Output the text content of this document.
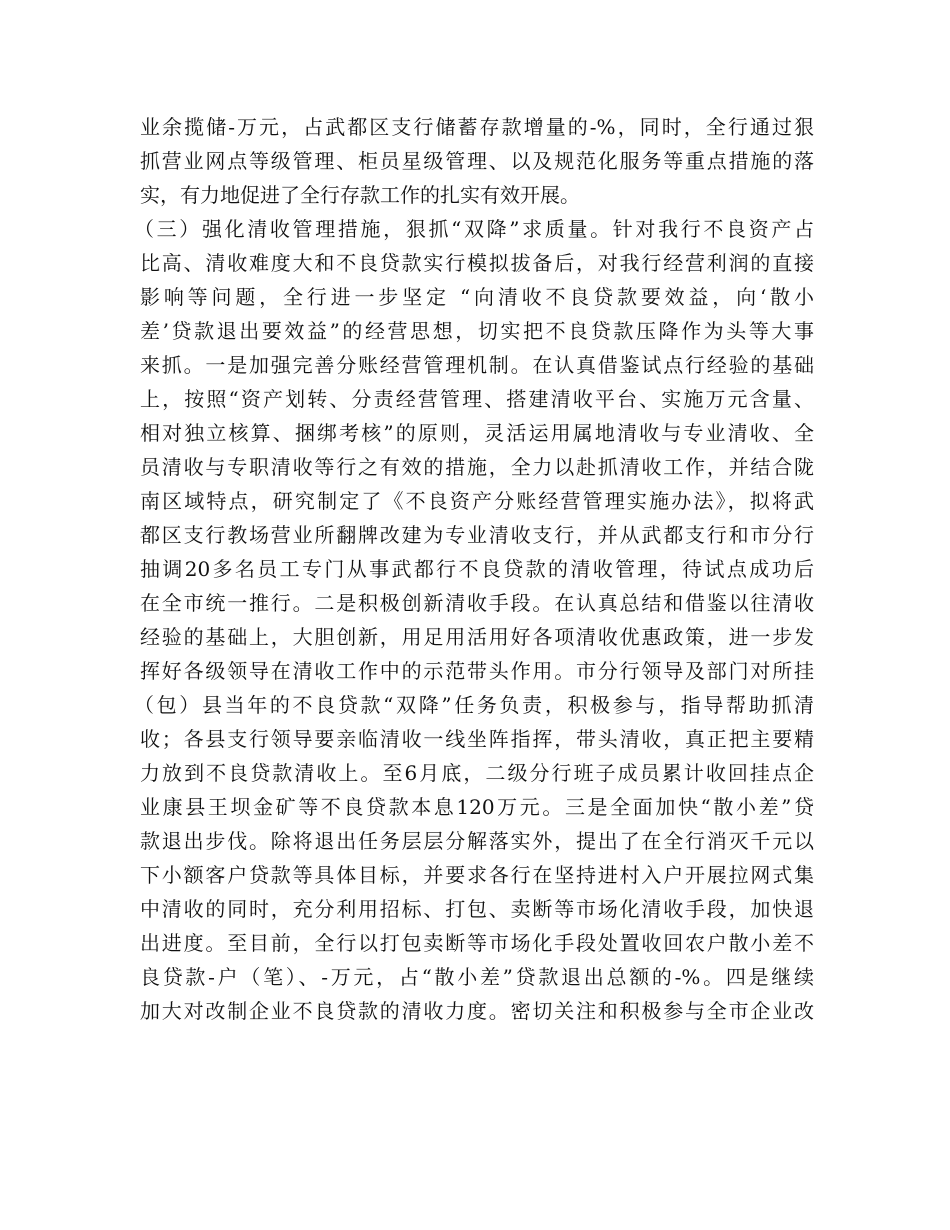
业余揽储-万元，占武都区支行储蓄存款增量的-%，同时，全行通过狠
抓营业网点等级管理、柜员星级管理、以及规范化服务等重点措施的落
实，有力地促进了全行存款工作的扎实有效开展。
（三）强化清收管理措施，狠抓“双降”求质量。针对我行不良资产占
比高、清收难度大和不良贷款实行模拟拔备后，对我行经营利润的直接
影响等问题，全行进一步坚定 “向清收不良贷款要效益，向‘散小
差’贷款退出要效益”的经营思想，切实把不良贷款压降作为头等大事
来抓。一是加强完善分账经营管理机制。在认真借鉴试点行经验的基础
上，按照“资产划转、分责经营管理、搭建清收平台、实施万元含量、
相对独立核算、捆绑考核”的原则，灵活运用属地清收与专业清收、全
员清收与专职清收等行之有效的措施，全力以赴抓清收工作，并结合陇
南区域特点，研究制定了《不良资产分账经营管理实施办法》，拟将武
都区支行教场营业所翻牌改建为专业清收支行，并从武都支行和市分行
抽调20多名员工专门从事武都行不良贷款的清收管理，待试点成功后
在全市统一推行。二是积极创新清收手段。在认真总结和借鉴以往清收
经验的基础上，大胆创新，用足用活用好各项清收优惠政策，进一步发
挥好各级领导在清收工作中的示范带头作用。市分行领导及部门对所挂
（包）县当年的不良贷款“双降”任务负责，积极参与，指导帮助抓清
收；各县支行领导要亲临清收一线坐阵指挥，带头清收，真正把主要精
力放到不良贷款清收上。至6月底，二级分行班子成员累计收回挂点企
业康县王坝金矿等不良贷款本息120万元。三是全面加快“散小差”贷
款退出步伐。除将退出任务层层分解落实外，提出了在全行消灭千元以
下小额客户贷款等具体目标，并要求各行在坚持进村入户开展拉网式集
中清收的同时，充分利用招标、打包、卖断等市场化清收手段，加快退
出进度。至目前，全行以打包卖断等市场化手段处置收回农户散小差不
良贷款-户（笔）、-万元，占“散小差”贷款退出总额的-%。四是继续
加大对改制企业不良贷款的清收力度。密切关注和积极参与全市企业改
